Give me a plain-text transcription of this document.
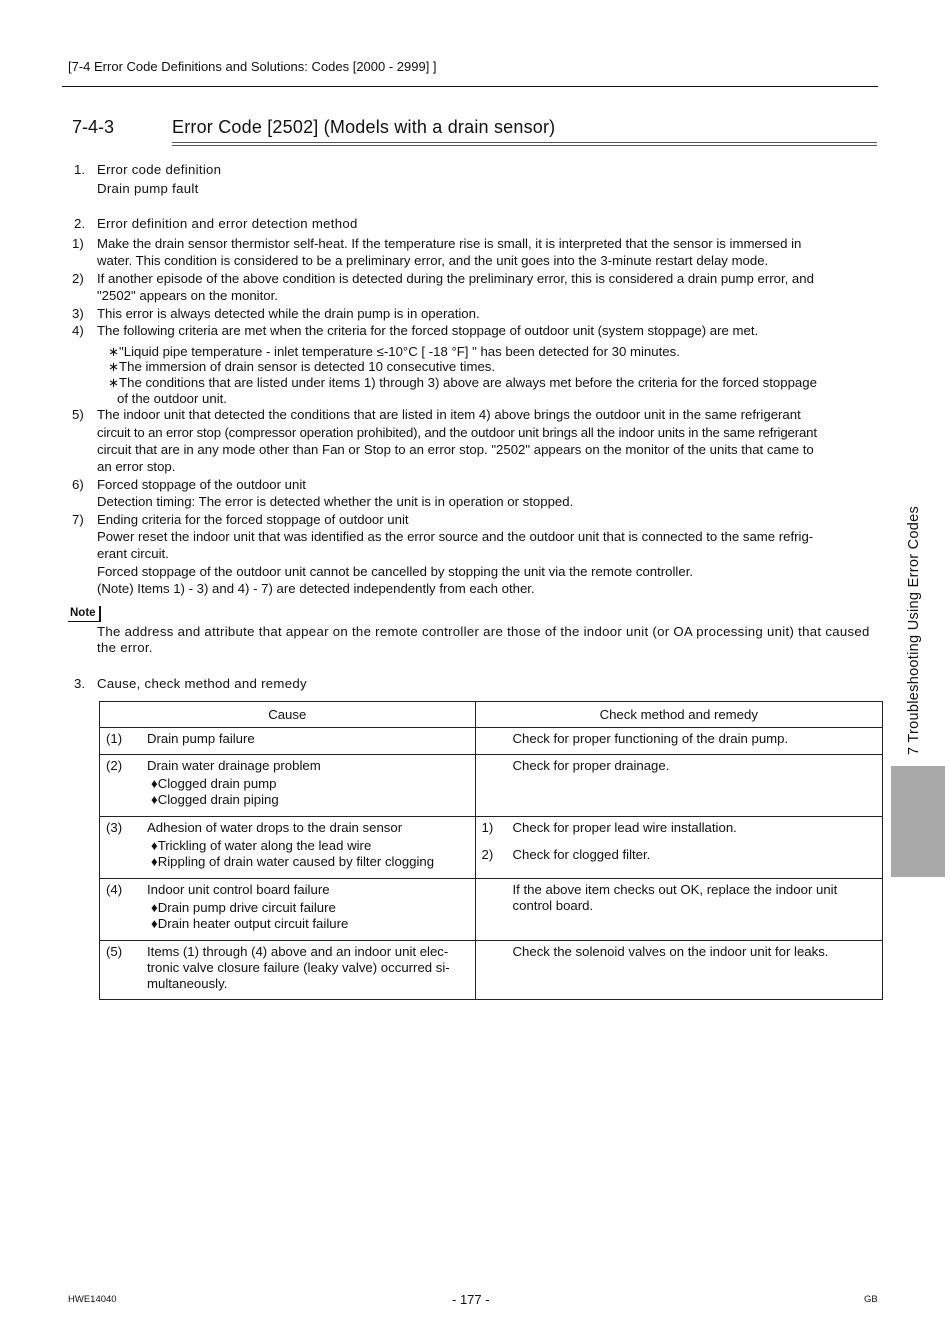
[7-4 Error Code Definitions and Solutions: Codes [2000 - 2999] ]
7-4-3	Error Code [2502] (Models with a drain sensor)
1. Error code definition
Drain pump fault
2. Error definition and error detection method
1)	Make the drain sensor thermistor self-heat. If the temperature rise is small, it is interpreted that the sensor is immersed in
water. This condition is considered to be a preliminary error, and the unit goes into the 3-minute restart delay mode.
2)	If another episode of the above condition is detected during the preliminary error, this is considered a drain pump error, and
"2502" appears on the monitor.
3)	This error is always detected while the drain pump is in operation.
4)	The following criteria are met when the criteria for the forced stoppage of outdoor unit (system stoppage) are met.
∗"Liquid pipe temperature - inlet temperature ≤-10°C [ -18 °F] " has been detected for 30 minutes.
∗The immersion of drain sensor is detected 10 consecutive times.
∗The conditions that are listed under items 1) through 3) above are always met before the criteria for the forced stoppage
of the outdoor unit.
5)	The indoor unit that detected the conditions that are listed in item 4) above brings the outdoor unit in the same refrigerant
circuit to an error stop (compressor operation prohibited), and the outdoor unit brings all the indoor units in the same refrigerant
circuit that are in any mode other than Fan or Stop to an error stop. "2502" appears on the monitor of the units that came to
an error stop.
6)	Forced stoppage of the outdoor unit
Detection timing: The error is detected whether the unit is in operation or stopped.
7)	Ending criteria for the forced stoppage of outdoor unit
Power reset the indoor unit that was identified as the error source and the outdoor unit that is connected to the same refrig-
erant circuit.
Forced stoppage of the outdoor unit cannot be cancelled by stopping the unit via the remote controller.
(Note) Items 1) - 3) and 4) - 7) are detected independently from each other.
Note
The address and attribute that appear on the remote controller are those of the indoor unit (or OA processing unit) that caused the error.
3. Cause, check method and remedy
Cause	Check method and remedy

(1) Drain pump failure	Check for proper functioning of the drain pump.

(2) Drain water drainage problem
♦Clogged drain pump
♦Clogged drain piping	Check for proper drainage.

(3) Adhesion of water drops to the drain sensor
♦Trickling of water along the lead wire
♦Rippling of drain water caused by filter clogging	1) Check for proper lead wire installation.
2) Check for clogged filter.

(4) Indoor unit control board failure
♦Drain pump drive circuit failure
♦Drain heater output circuit failure	If the above item checks out OK, replace the indoor unit control board.

(5) Items (1) through (4) above and an indoor unit elec-tronic valve closure failure (leaky valve) occurred si-multaneously.	Check the solenoid valves on the indoor unit for leaks.
7 Troubleshooting Using Error Codes
HWE14040	- 177 -	GB
